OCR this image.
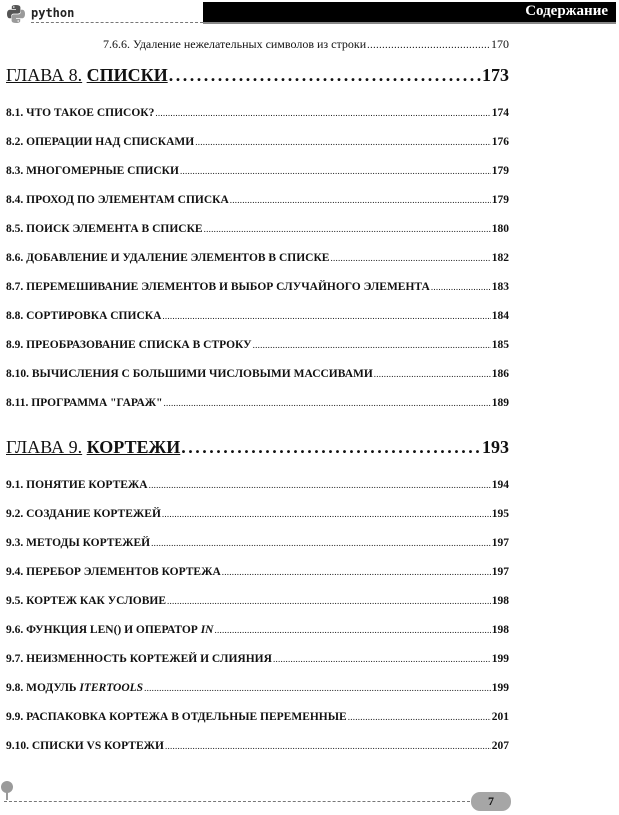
python	Содержание
7.6.6. Удаление нежелательных символов из строки . . .	170
ГЛАВА 8. СПИСКИ . . .	173
8.1. ЧТО ТАКОЕ СПИСОК? . . .	174
8.2. ОПЕРАЦИИ НАД СПИСКАМИ . . .	176
8.3. МНОГОМЕРНЫЕ СПИСКИ . . .	179
8.4. ПРОХОД ПО ЭЛЕМЕНТАМ СПИСКА . . .	179
8.5. ПОИСК ЭЛЕМЕНТА В СПИСКЕ . . .	180
8.6. ДОБАВЛЕНИЕ И УДАЛЕНИЕ ЭЛЕМЕНТОВ В СПИСКЕ . . .	182
8.7. ПЕРЕМЕШИВАНИЕ ЭЛЕМЕНТОВ И ВЫБОР СЛУЧАЙНОГО ЭЛЕМЕНТА . . .	183
8.8. СОРТИРОВКА СПИСКА . . .	184
8.9. ПРЕОБРАЗОВАНИЕ СПИСКА В СТРОКУ . . .	185
8.10. ВЫЧИСЛЕНИЯ С БОЛЬШИМИ ЧИСЛОВЫМИ МАССИВАМИ . . .	186
8.11. ПРОГРАММА "ГАРАЖ" . . .	189
ГЛАВА 9. КОРТЕЖИ . . .	193
9.1. ПОНЯТИЕ КОРТЕЖА . . .	194
9.2. СОЗДАНИЕ КОРТЕЖЕЙ . . .	195
9.3. МЕТОДЫ КОРТЕЖЕЙ . . .	197
9.4. ПЕРЕБОР ЭЛЕМЕНТОВ КОРТЕЖА . . .	197
9.5. КОРТЕЖ КАК УСЛОВИЕ . . .	198
9.6. ФУНКЦИЯ LEN() И ОПЕРАТОР IN . . .	198
9.7. НЕИЗМЕННОСТЬ КОРТЕЖЕЙ И СЛИЯНИЯ . . .	199
9.8. МОДУЛЬ ITERTOOLS . . .	199
9.9. РАСПАКОВКА КОРТЕЖА В ОТДЕЛЬНЫЕ ПЕРЕМЕННЫЕ . . .	201
9.10. СПИСКИ VS КОРТЕЖИ . . .	207
7
